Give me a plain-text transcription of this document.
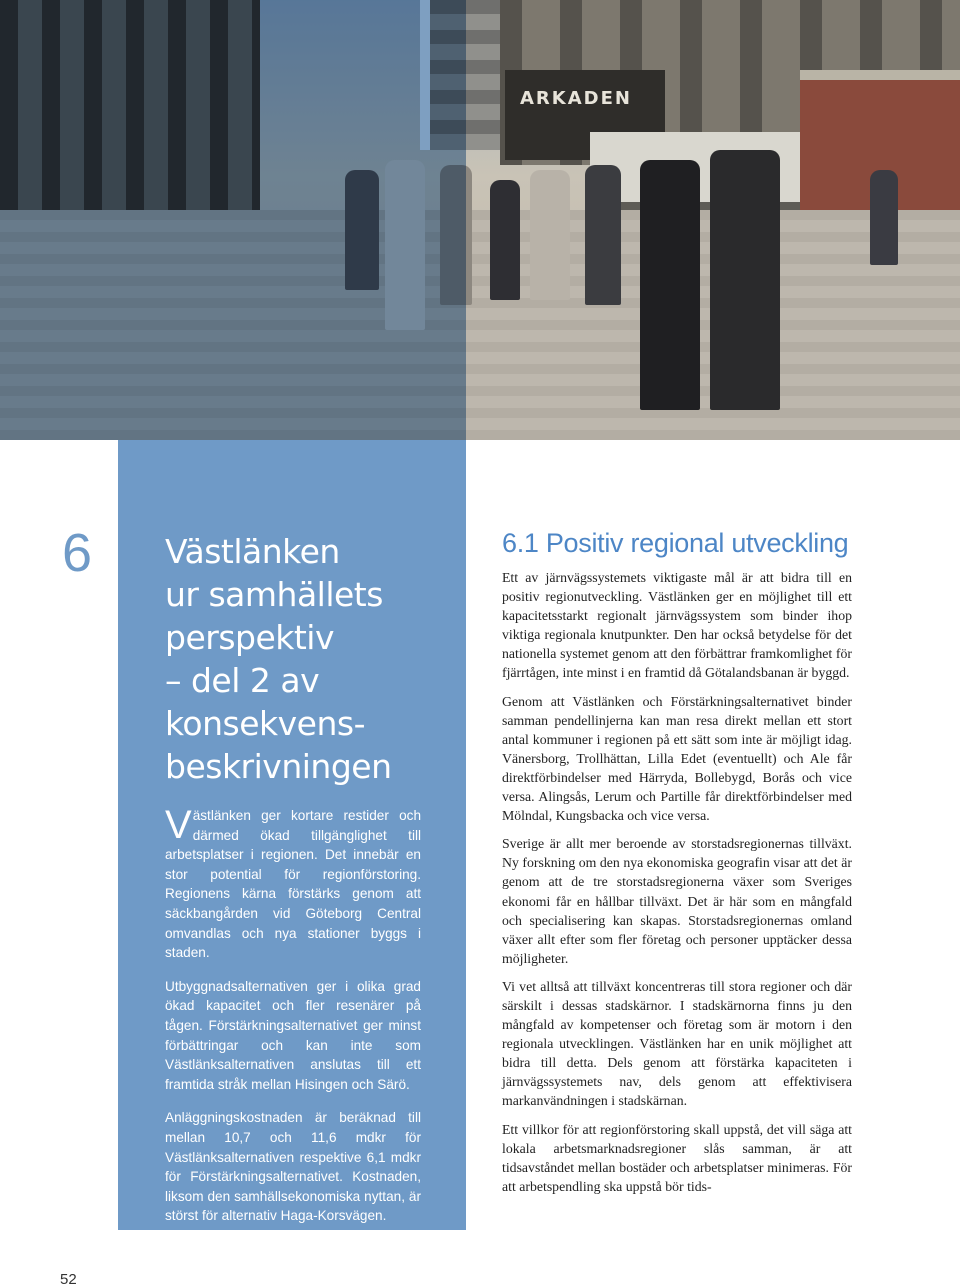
ARKADEN
6 Västlänken
ur samhällets
perspektiv
– del 2 av
konsekvens-
beskrivningen

Västlänken ger kortare restider och därmed ökad tillgänglighet till arbetsplatser i regionen. Det innebär en stor potential för regionförstoring. Regionens kärna förstärks genom att säckbangården vid Göteborg Central omvandlas och nya stationer byggs i staden.

Utbyggnadsalternativen ger i olika grad ökad kapacitet och fler resenärer på tågen. Förstärkningsalternativet ger minst förbättringar och kan inte som Västlänksalternativen anslutas till ett framtida stråk mellan Hisingen och Särö.

Anläggningskostnaden är beräknad till mellan 10,7 och 11,6 mdkr för Västlänksalternativen respektive 6,1 mdkr för Förstärkningsalternativet. Kostnaden, liksom den samhällsekonomiska nyttan, är störst för alternativ Haga-Korsvägen.

6.1 Positiv regional utveckling

Ett av järnvägssystemets viktigaste mål är att bidra till en positiv regionutveckling. Västlänken ger en möjlighet till ett kapacitetsstarkt regionalt järnvägssystem som binder ihop viktiga regionala knutpunkter. Den har också betydelse för det nationella systemet genom att den förbättrar framkomlighet för fjärrtågen, inte minst i en framtid då Götalandsbanan är byggd.

Genom att Västlänken och Förstärkningsalternativet binder samman pendellinjerna kan man resa direkt mellan ett stort antal kommuner i regionen på ett sätt som inte är möjligt idag. Vänersborg, Trollhättan, Lilla Edet (eventuellt) och Ale får direktförbindelser med Härryda, Bollebygd, Borås och vice versa. Alingsås, Lerum och Partille får direktförbindelser med Mölndal, Kungsbacka och vice versa.

Sverige är allt mer beroende av storstadsregionernas tillväxt. Ny forskning om den nya ekonomiska geografin visar att det är genom att de tre storstadsregionerna växer som Sveriges ekonomi får en hållbar tillväxt. Det är här som en mångfald och specialisering kan skapas. Storstadsregionernas omland växer allt efter som fler företag och personer upptäcker dessa möjligheter.

Vi vet alltså att tillväxt koncentreras till stora regioner och där särskilt i dessas stadskärnor. I stadskärnorna finns ju den mångfald av kompetenser och företag som är motorn i den regionala utvecklingen. Västlänken har en unik möjlighet att bidra till detta. Dels genom att förstärka kapaciteten i järnvägssystemets nav, dels genom att effektivisera markanvändningen i stadskärnan.

Ett villkor för att regionförstoring skall uppstå, det vill säga att lokala arbetsmarknadsregioner slås samman, är att tidsavståndet mellan bostäder och arbetsplatser minimeras. För att arbetspendling ska uppstå bör tids-

52
